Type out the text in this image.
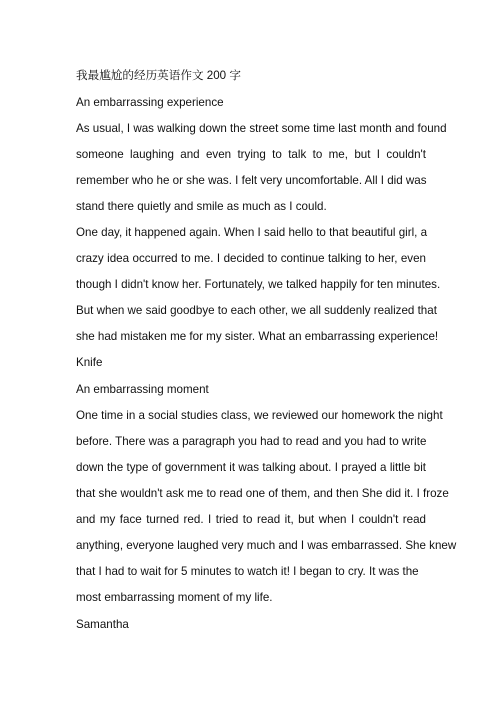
我最尴尬的经历英语作文 200 字
An embarrassing experience
As usual, I was walking down the street some time last month and found
someone laughing and even trying to talk to me, but I couldn't
remember who he or she was. I felt very uncomfortable. All I did was
stand there quietly and smile as much as I could.
One day, it happened again. When I said hello to that beautiful girl, a
crazy idea occurred to me. I decided to continue talking to her, even
though I didn't know her. Fortunately, we talked happily for ten minutes.
But when we said goodbye to each other, we all suddenly realized that
she had mistaken me for my sister. What an embarrassing experience!
Knife
An embarrassing moment
One time in a social studies class, we reviewed our homework the night
before. There was a paragraph you had to read and you had to write
down the type of government it was talking about. I prayed a little bit
that she wouldn't ask me to read one of them, and then She did it. I froze
and my face turned red. I tried to read it, but when I couldn't read
anything, everyone laughed very much and I was embarrassed. She knew
that I had to wait for 5 minutes to watch it! I began to cry. It was the
most embarrassing moment of my life.
Samantha
